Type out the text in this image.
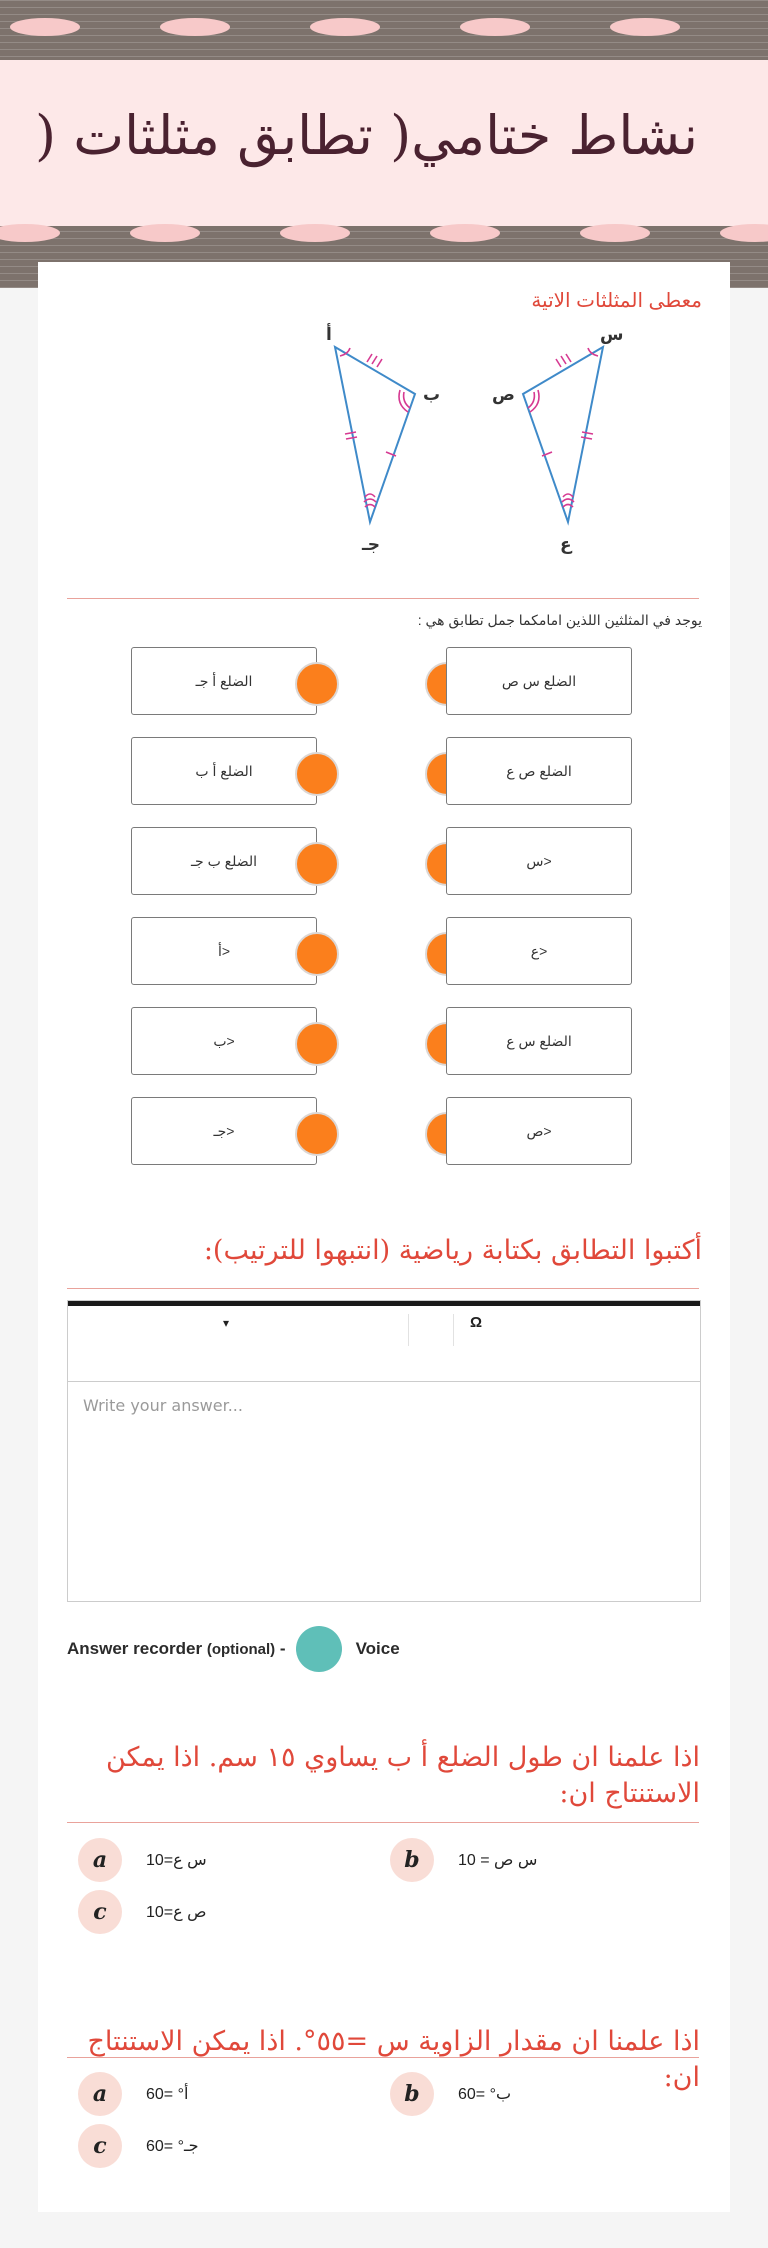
نشاط ختامي( تطابق مثلثات (
معطى المثلثات الاتية
أ
ب
جـ
س
ص
ع
يوجد في المثلثين اللذين امامكما جمل تطابق هي :
الضلع أ جـ	الضلع س ص
الضلع أ ب	الضلع ص ع
الضلع ب جـ	<س
<أ	<ع
<ب	الضلع س ع
<جـ	<ص
أكتبوا التطابق بكتابة رياضية (انتبهوا للترتيب):
▾	Ω
Write your answer...
Answer recorder (optional) -	Voice
اذا علمنا ان طول الضلع أ ب يساوي ١٥ سم. اذا يمكن الاستنتاج ان:
a	س ع=10	b	س ص = 10
c	ص ع=10
اذا علمنا ان مقدار الزاوية س =٥٥°. اذا يمكن الاستنتاج ان:
a	أ° =60	b	ب° =60
c	جـ° =60
